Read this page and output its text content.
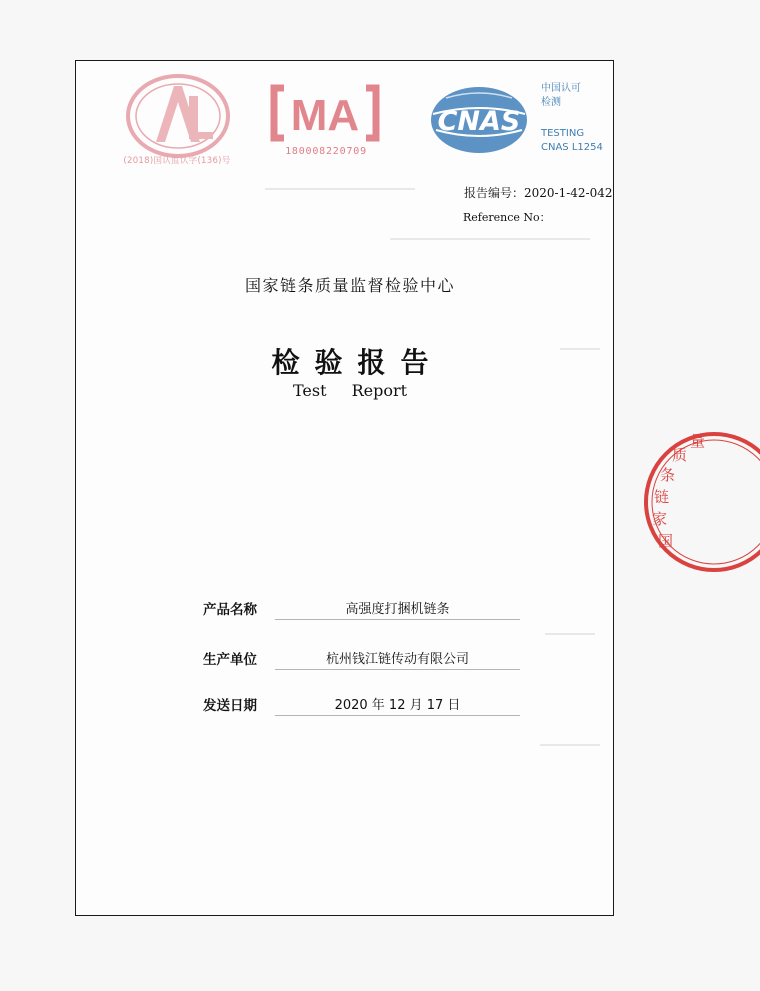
(2018)国认监认字(136)号
MA
180008220709
CNAS
中国认可
检测
TESTING
CNAS L1254
国 家 链 条 质 量
报告编号：2020-1-42-042
Reference No：
国家链条质量监督检验中心
检验报告
Test Report
产品名称	高强度打捆机链条
生产单位	杭州钱江链传动有限公司
发送日期	2020 年 12 月 17 日
